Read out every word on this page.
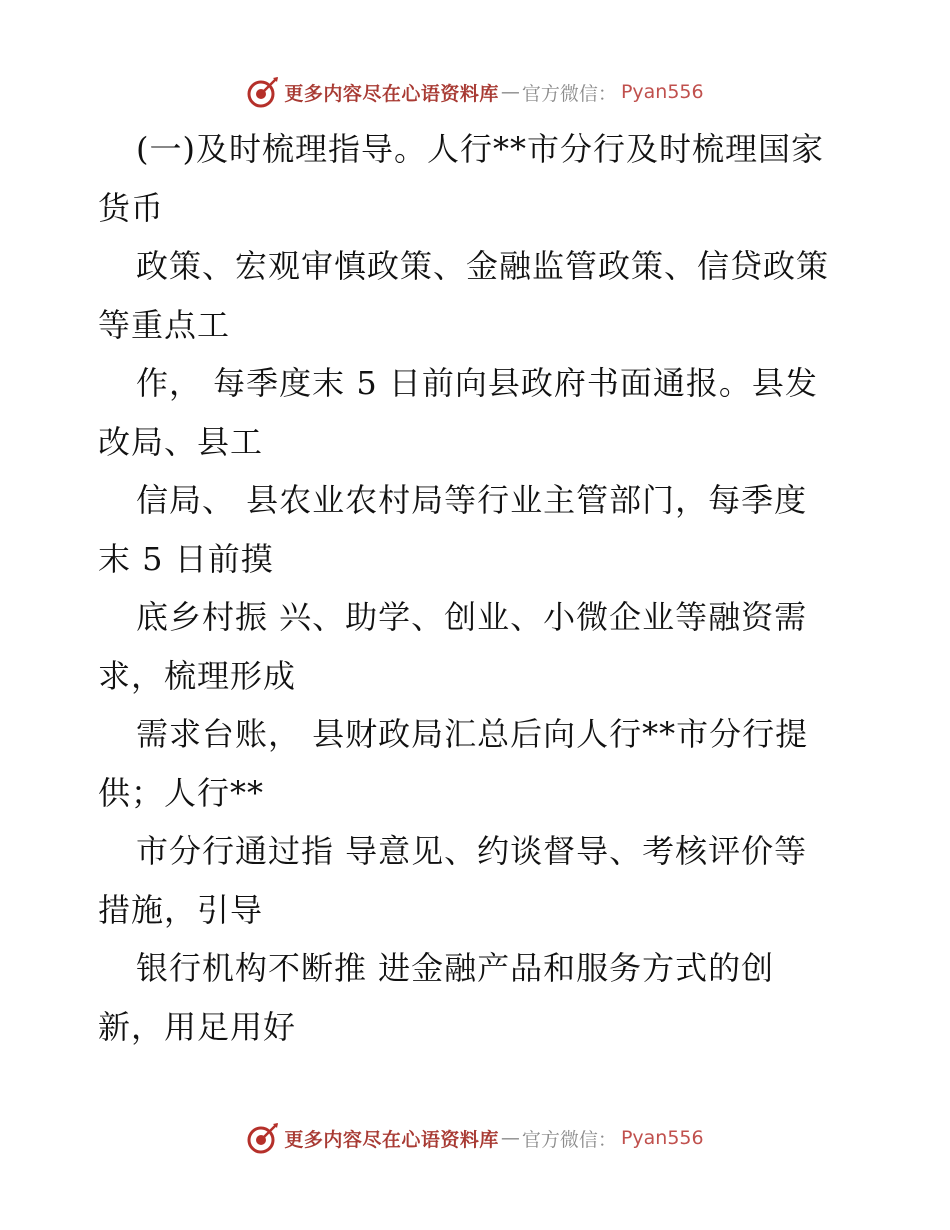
更多内容尽在心语资料库 — 官方微信 ： Pyan556
(一)及时梳理指导。人行**市分行及时梳理国家
货币
政策、宏观审慎政策、金融监管政策、信贷政策
等重点工
作， 每季度末 5 日前向县政府书面通报。县发
改局、县工
信局、 县农业农村局等行业主管部门，每季度
末 5 日前摸
底乡村振 兴、助学、创业、小微企业等融资需
求，梳理形成
需求台账， 县财政局汇总后向人行**市分行提
供；人行**
市分行通过指 导意见、约谈督导、考核评价等
措施，引导
银行机构不断推 进金融产品和服务方式的创
新，用足用好
更多内容尽在心语资料库 — 官方微信 ： Pyan556
